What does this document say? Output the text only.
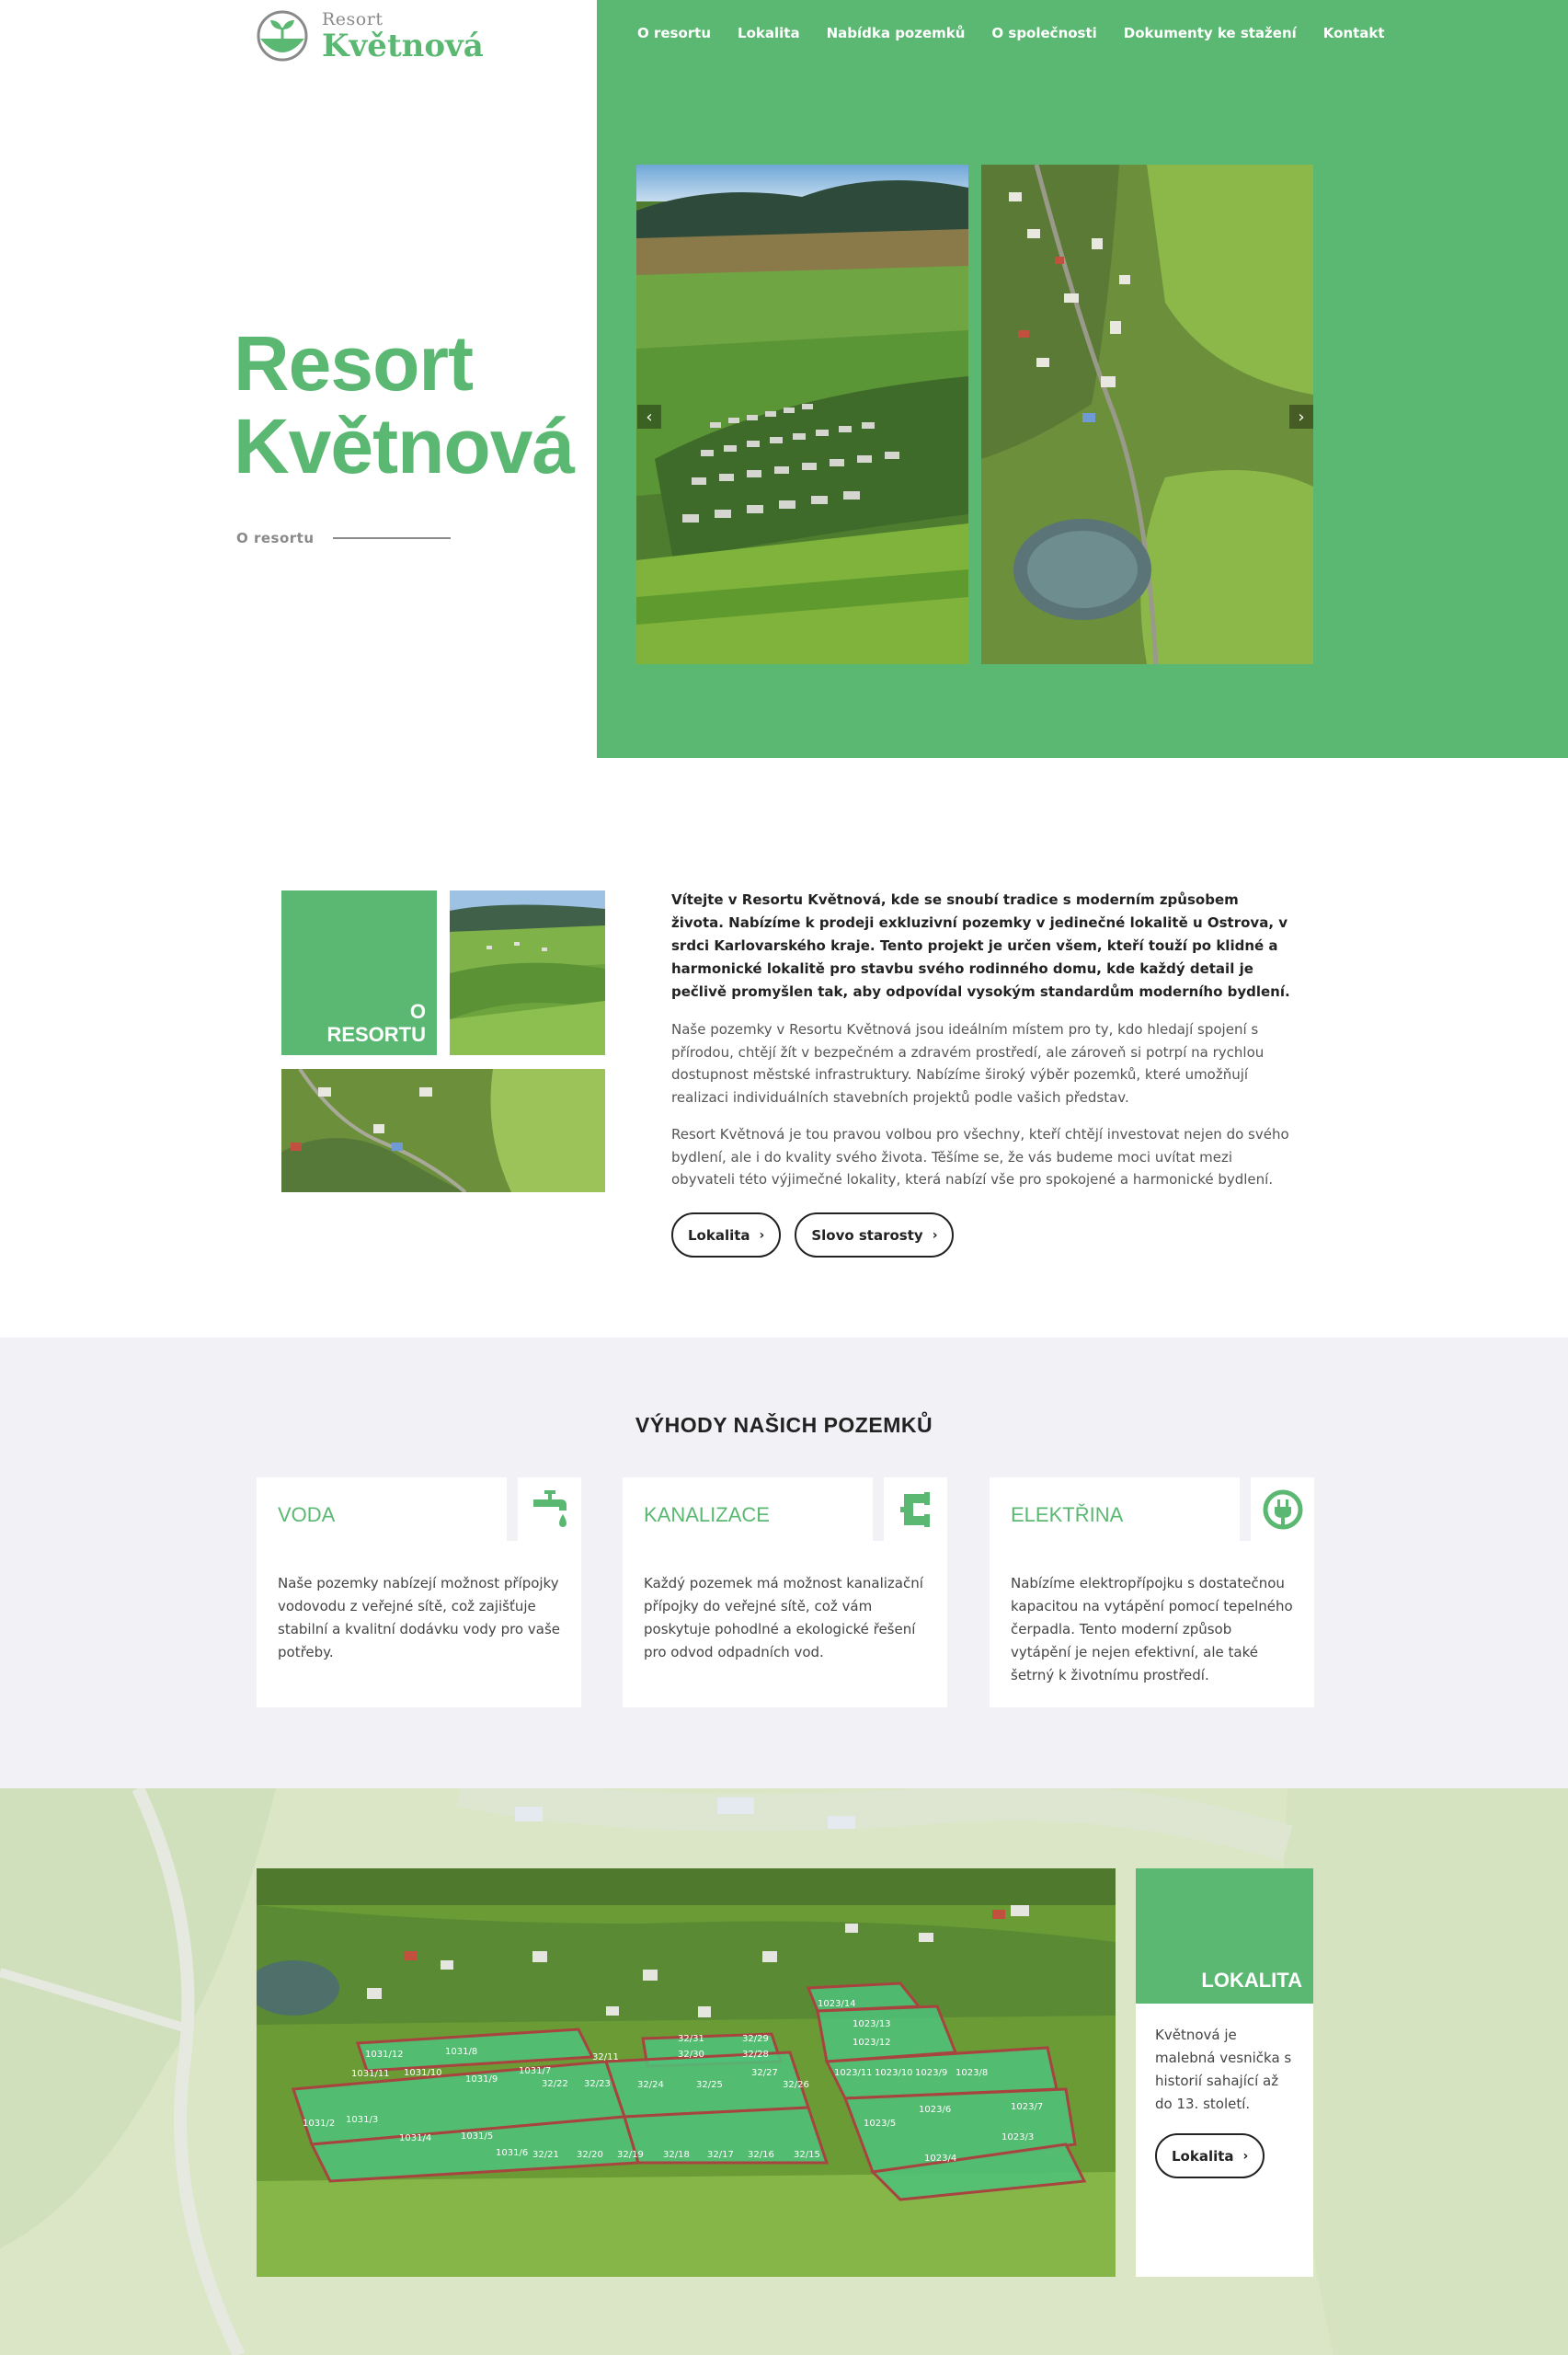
Resort
Květnová	O resortu Lokalita Nabídka pozemků O společnosti Dokumenty ke stažení Kontakt
Resort
Květnová
O resortu
‹	›
O
RESORTU

Vítejte v Resortu Květnová, kde se snoubí tradice s moderním způsobem života. Nabízíme k prodeji exkluzivní pozemky v jedinečné lokalitě u Ostrova, v srdci Karlovarského kraje. Tento projekt je určen všem, kteří touží po klidné a harmonické lokalitě pro stavbu svého rodinného domu, kde každý detail je pečlivě promyšlen tak, aby odpovídal vysokým standardům moderního bydlení.

Naše pozemky v Resortu Květnová jsou ideálním místem pro ty, kdo hledají spojení s přírodou, chtějí žít v bezpečném a zdravém prostředí, ale zároveň si potrpí na rychlou dostupnost městské infrastruktury. Nabízíme široký výběr pozemků, které umožňují realizaci individuálních stavebních projektů podle vašich představ.

Resort Květnová je tou pravou volbou pro všechny, kteří chtějí investovat nejen do svého bydlení, ale i do kvality svého života. Těšíme se, že vás budeme moci uvítat mezi obyvateli této výjimečné lokality, která nabízí vše pro spokojené a harmonické bydlení.

Lokalita ›	Slovo starosty ›
VÝHODY NAŠICH POZEMKŮ
VODA

Naše pozemky nabízejí možnost přípojky vodovodu z veřejné sítě, což zajišťuje stabilní a kvalitní dodávku vody pro vaše potřeby.

KANALIZACE

Každý pozemek má možnost kanalizační přípojky do veřejné sítě, což vám poskytuje pohodlné a ekologické řešení pro odvod odpadních vod.

ELEKTŘINA

Nabízíme elektropřípojku s dostatečnou kapacitou na vytápění pomocí tepelného čerpadla. Tento moderní způsob vytápění je nejen efektivní, ale také šetrný k životnímu prostředí.

1023/14
1023/13
1023/12
32/31
32/30
32/29
32/28
1031/12	1031/8
32/11
32/27	1023/11 1023/10 1023/9 1023/8
1031/11 1031/10	1031/7
1031/9	32/22 32/23	32/24	32/25	32/26
1023/7
1023/6
1023/5
1031/2 1031/3
1031/4	1031/5
1031/6 32/21 32/20 32/19 32/18 32/17 32/16 32/15
1023/3
1023/4
LOKALITA

Květnová je malebná vesnička s historií sahající až do 13. století.

Lokalita ›
